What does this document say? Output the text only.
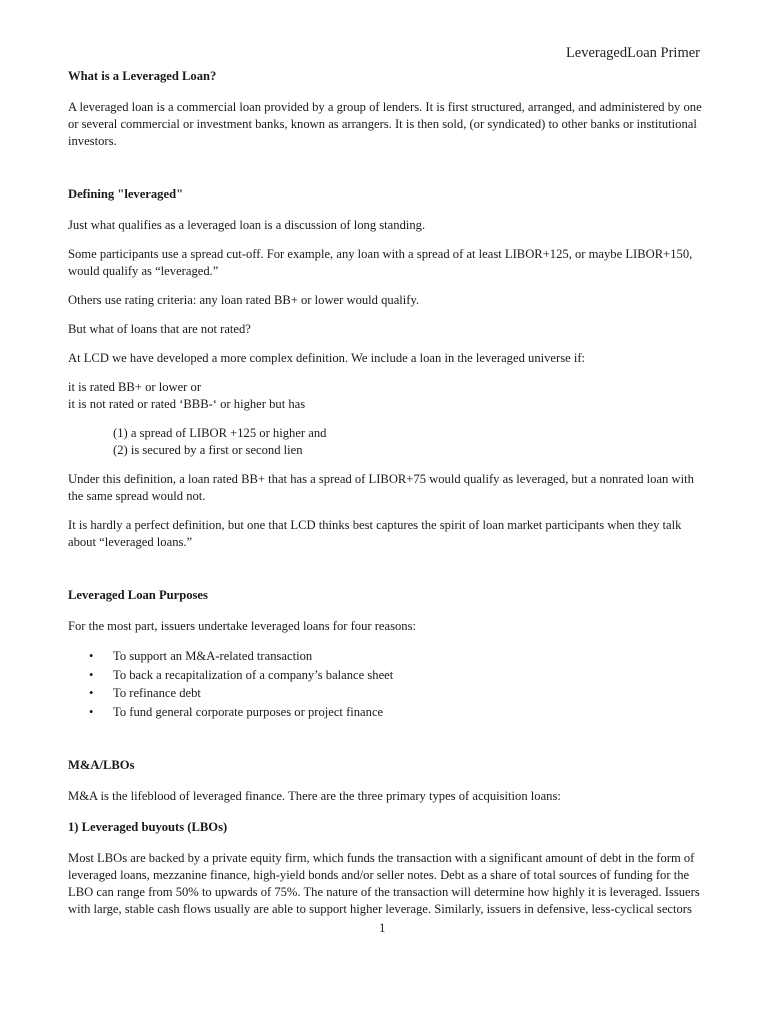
LeveragedLoan Primer

What is a Leveraged Loan?

A leveraged loan is a commercial loan provided by a group of lenders. It is first structured, arranged, and administered by one or several commercial or investment banks, known as arrangers. It is then sold, (or syndicated) to other banks or institutional investors.

Defining "leveraged"

Just what qualifies as a leveraged loan is a discussion of long standing.

Some participants use a spread cut-off. For example, any loan with a spread of at least LIBOR+125, or maybe LIBOR+150, would qualify as “leveraged.”

Others use rating criteria: any loan rated BB+ or lower would qualify.

But what of loans that are not rated?

At LCD we have developed a more complex definition. We include a loan in the leveraged universe if:

it is rated BB+ or lower or

it is not rated or rated ‘BBB-‘ or higher but has

(1) a spread of LIBOR +125 or higher and

(2) is secured by a first or second lien

Under this definition, a loan rated BB+ that has a spread of LIBOR+75 would qualify as leveraged, but a nonrated loan with the same spread would not.

It is hardly a perfect definition, but one that LCD thinks best captures the spirit of loan market participants when they talk about “leveraged loans.”

Leveraged Loan Purposes

For the most part, issuers undertake leveraged loans for four reasons:

• To support an M&A-related transaction
• To back a recapitalization of a company’s balance sheet
• To refinance debt
• To fund general corporate purposes or project finance

M&A/LBOs

M&A is the lifeblood of leveraged finance. There are the three primary types of acquisition loans:

1) Leveraged buyouts (LBOs)

Most LBOs are backed by a private equity firm, which funds the transaction with a significant amount of debt in the form of leveraged loans, mezzanine finance, high-yield bonds and/or seller notes. Debt as a share of total sources of funding for the LBO can range from 50% to upwards of 75%. The nature of the transaction will determine how highly it is leveraged. Issuers with large, stable cash flows usually are able to support higher leverage. Similarly, issuers in defensive, less-cyclical sectors

1
